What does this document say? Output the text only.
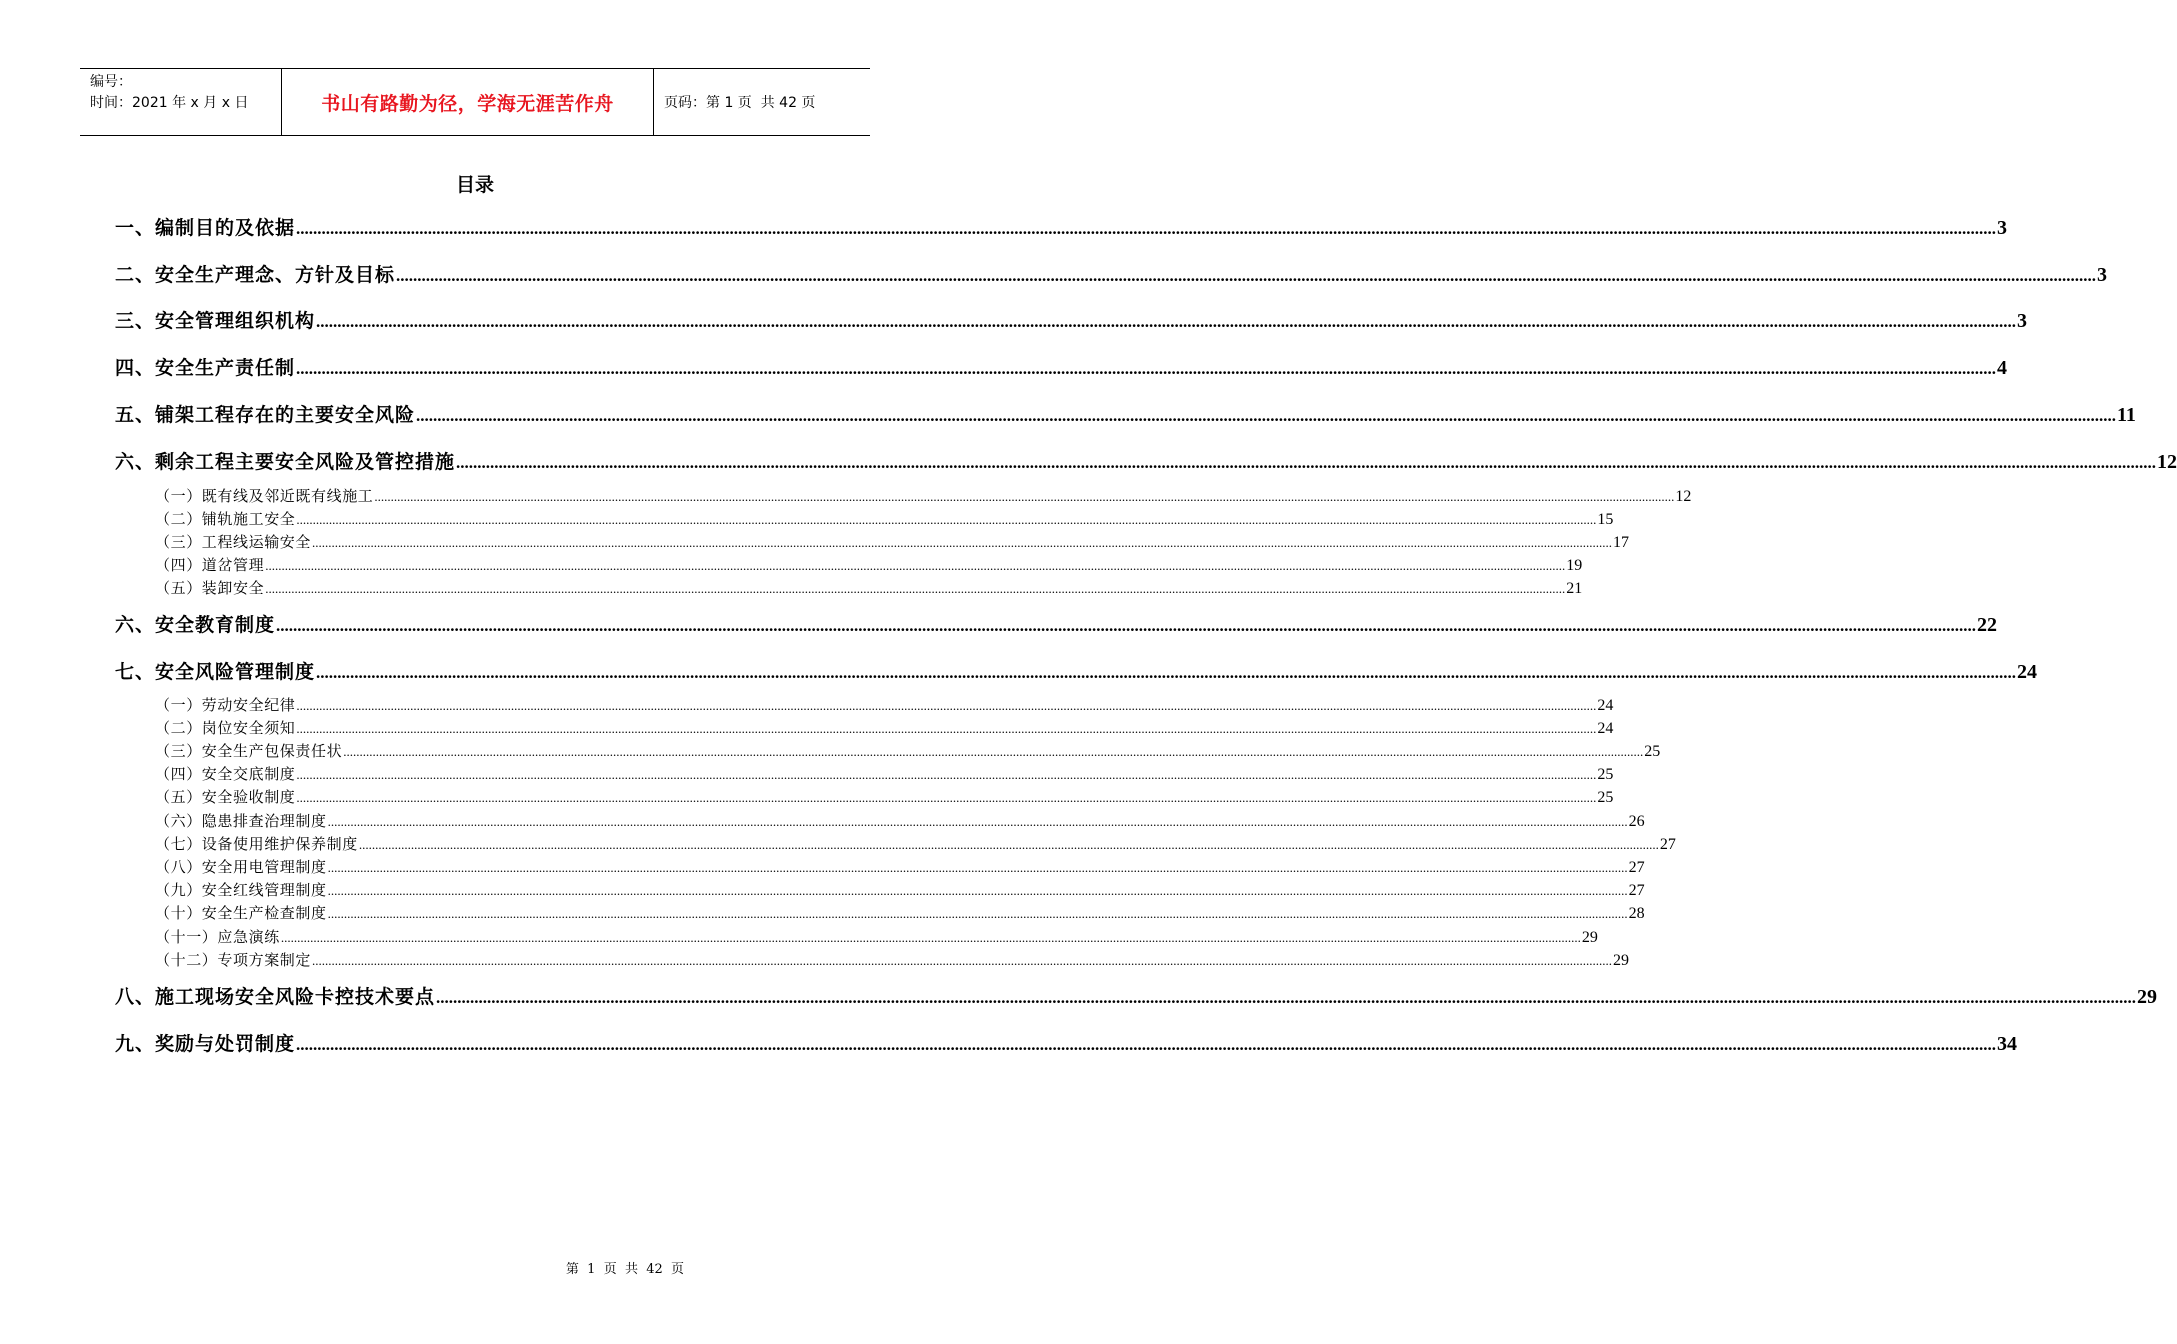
编号：
时间：2021 年 x 月 x 日	书山有路勤为径，学海无涯苦作舟	页码：第 1 页  共 42 页
目录
一、编制目的及依据 ................................................................................................................................................................................................................................................................................................................................................................................................................ 3
二、安全生产理念、方针及目标 ................................................................................................................................................................................................................................................................................................................................................................................................................ 3
三、安全管理组织机构 ................................................................................................................................................................................................................................................................................................................................................................................................................ 3
四、安全生产责任制 ................................................................................................................................................................................................................................................................................................................................................................................................................ 4
五、铺架工程存在的主要安全风险 ................................................................................................................................................................................................................................................................................................................................................................................................................ 11
六、剩余工程主要安全风险及管控措施 ................................................................................................................................................................................................................................................................................................................................................................................................................ 12
（一）既有线及邻近既有线施工 ................................................................................................................................................................................................................................................................................................................................................................................................................ 12
（二）铺轨施工安全 ................................................................................................................................................................................................................................................................................................................................................................................................................ 15
（三）工程线运输安全 ................................................................................................................................................................................................................................................................................................................................................................................................................ 17
（四）道岔管理 ................................................................................................................................................................................................................................................................................................................................................................................................................ 19
（五）装卸安全 ................................................................................................................................................................................................................................................................................................................................................................................................................ 21
六、安全教育制度 ................................................................................................................................................................................................................................................................................................................................................................................................................ 22
七、安全风险管理制度 ................................................................................................................................................................................................................................................................................................................................................................................................................ 24
（一）劳动安全纪律 ................................................................................................................................................................................................................................................................................................................................................................................................................ 24
（二）岗位安全须知 ................................................................................................................................................................................................................................................................................................................................................................................................................ 24
（三）安全生产包保责任状 ................................................................................................................................................................................................................................................................................................................................................................................................................ 25
（四）安全交底制度 ................................................................................................................................................................................................................................................................................................................................................................................................................ 25
（五）安全验收制度 ................................................................................................................................................................................................................................................................................................................................................................................................................ 25
（六）隐患排查治理制度 ................................................................................................................................................................................................................................................................................................................................................................................................................ 26
（七）设备使用维护保养制度 ................................................................................................................................................................................................................................................................................................................................................................................................................ 27
（八）安全用电管理制度 ................................................................................................................................................................................................................................................................................................................................................................................................................ 27
（九）安全红线管理制度 ................................................................................................................................................................................................................................................................................................................................................................................................................ 27
（十）安全生产检查制度 ................................................................................................................................................................................................................................................................................................................................................................................................................ 28
（十一）应急演练 ................................................................................................................................................................................................................................................................................................................................................................................................................ 29
（十二）专项方案制定 ................................................................................................................................................................................................................................................................................................................................................................................................................ 29
八、施工现场安全风险卡控技术要点 ................................................................................................................................................................................................................................................................................................................................................................................................................ 29
九、奖励与处罚制度 ................................................................................................................................................................................................................................................................................................................................................................................................................ 34
第  1  页  共  42  页
